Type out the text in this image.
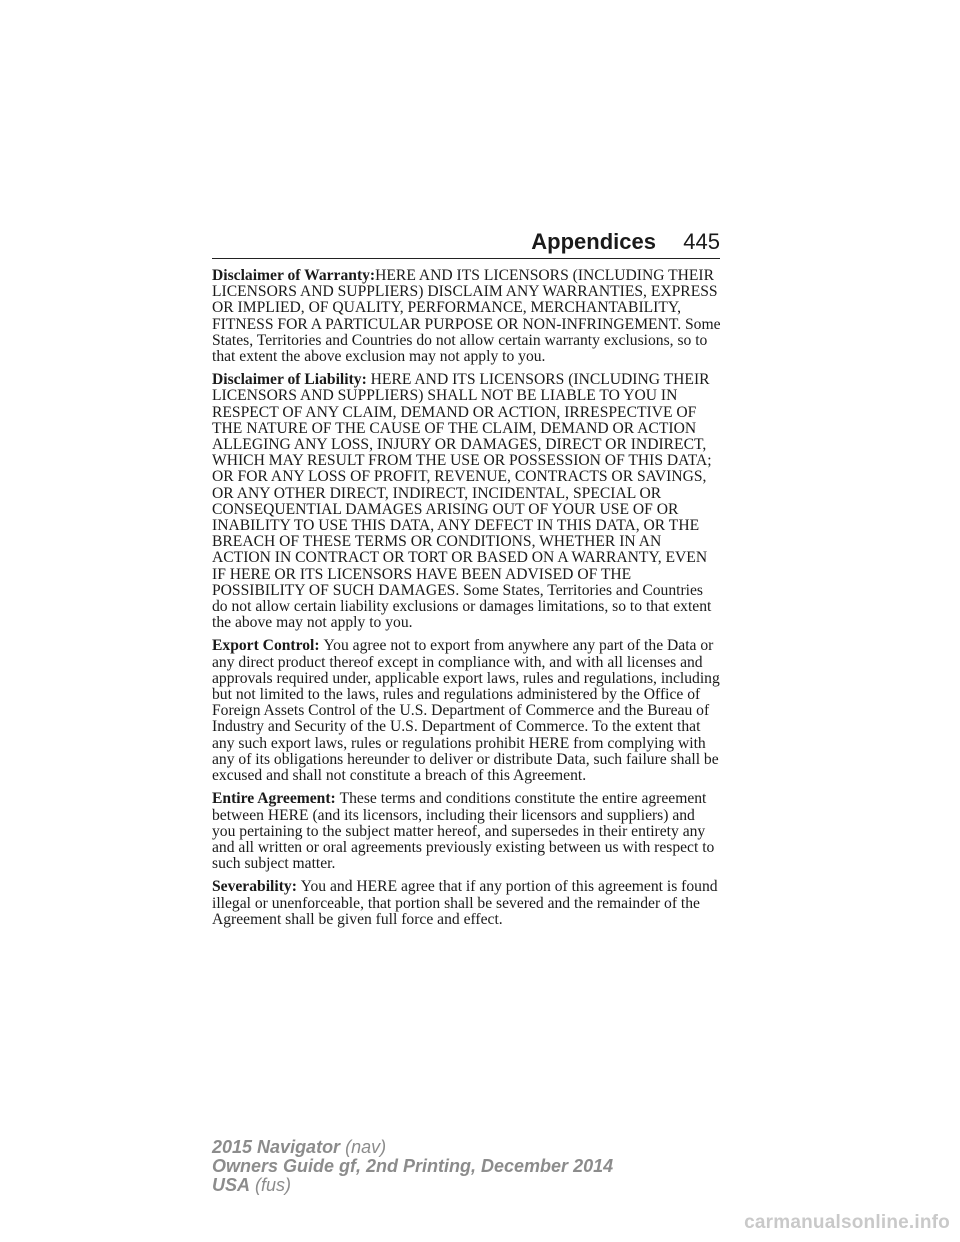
Appendices 445

Disclaimer of Warranty:HERE AND ITS LICENSORS (INCLUDING THEIR LICENSORS AND SUPPLIERS) DISCLAIM ANY WARRANTIES, EXPRESS OR IMPLIED, OF QUALITY, PERFORMANCE, MERCHANTABILITY, FITNESS FOR A PARTICULAR PURPOSE OR NON-INFRINGEMENT. Some States, Territories and Countries do not allow certain warranty exclusions, so to that extent the above exclusion may not apply to you.

Disclaimer of Liability: HERE AND ITS LICENSORS (INCLUDING THEIR LICENSORS AND SUPPLIERS) SHALL NOT BE LIABLE TO YOU IN RESPECT OF ANY CLAIM, DEMAND OR ACTION, IRRESPECTIVE OF THE NATURE OF THE CAUSE OF THE CLAIM, DEMAND OR ACTION ALLEGING ANY LOSS, INJURY OR DAMAGES, DIRECT OR INDIRECT, WHICH MAY RESULT FROM THE USE OR POSSESSION OF THIS DATA; OR FOR ANY LOSS OF PROFIT, REVENUE, CONTRACTS OR SAVINGS, OR ANY OTHER DIRECT, INDIRECT, INCIDENTAL, SPECIAL OR CONSEQUENTIAL DAMAGES ARISING OUT OF YOUR USE OF OR INABILITY TO USE THIS DATA, ANY DEFECT IN THIS DATA, OR THE BREACH OF THESE TERMS OR CONDITIONS, WHETHER IN AN ACTION IN CONTRACT OR TORT OR BASED ON A WARRANTY, EVEN IF HERE OR ITS LICENSORS HAVE BEEN ADVISED OF THE POSSIBILITY OF SUCH DAMAGES. Some States, Territories and Countries do not allow certain liability exclusions or damages limitations, so to that extent the above may not apply to you.

Export Control: You agree not to export from anywhere any part of the Data or any direct product thereof except in compliance with, and with all licenses and approvals required under, applicable export laws, rules and regulations, including but not limited to the laws, rules and regulations administered by the Office of Foreign Assets Control of the U.S. Department of Commerce and the Bureau of Industry and Security of the U.S. Department of Commerce. To the extent that any such export laws, rules or regulations prohibit HERE from complying with any of its obligations hereunder to deliver or distribute Data, such failure shall be excused and shall not constitute a breach of this Agreement.

Entire Agreement: These terms and conditions constitute the entire agreement between HERE (and its licensors, including their licensors and suppliers) and you pertaining to the subject matter hereof, and supersedes in their entirety any and all written or oral agreements previously existing between us with respect to such subject matter.

Severability: You and HERE agree that if any portion of this agreement is found illegal or unenforceable, that portion shall be severed and the remainder of the Agreement shall be given full force and effect.

2015 Navigator (nav)
Owners Guide gf, 2nd Printing, December 2014
USA (fus)
carmanualsonline.info
